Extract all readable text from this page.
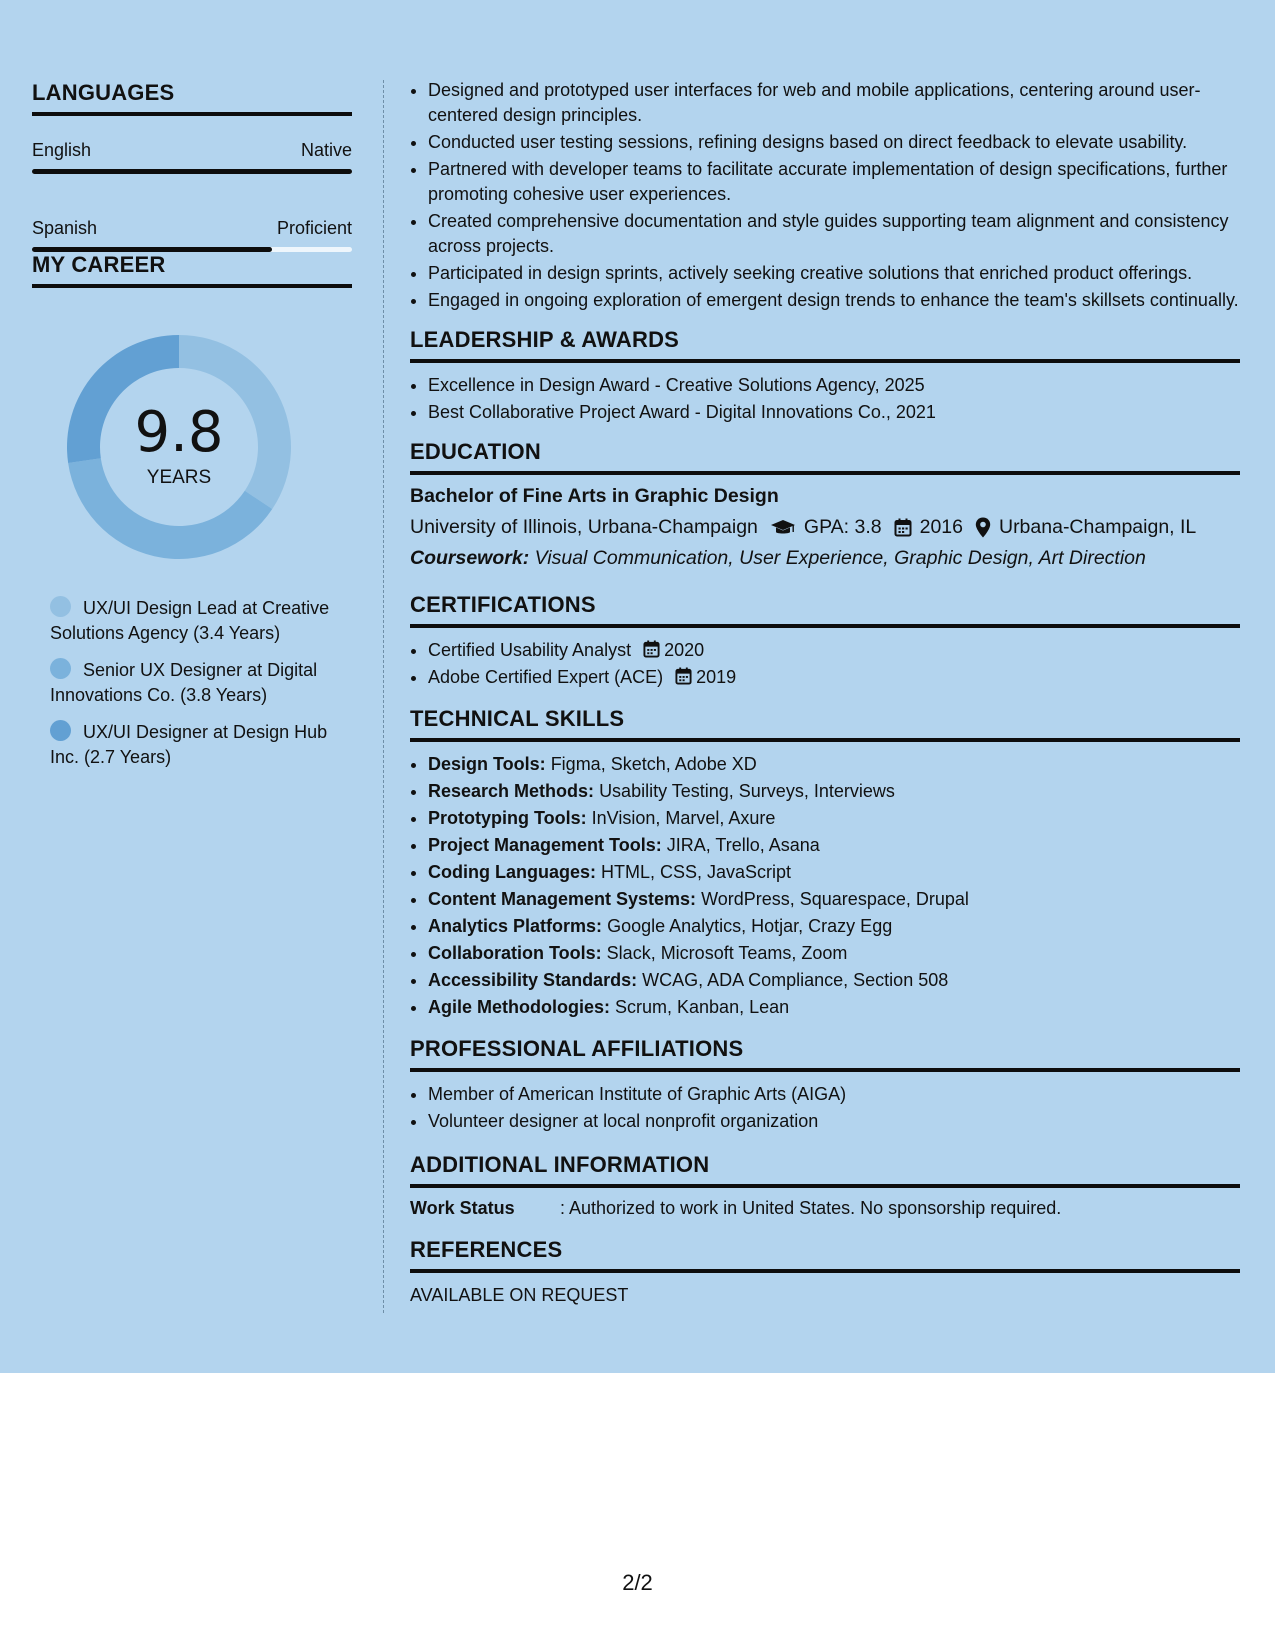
LANGUAGES
English	Native
Spanish	Proficient
MY CAREER
9.8
YEARS
UX/UI Design Lead at Creative Solutions Agency (3.4 Years)
Senior UX Designer at Digital Innovations Co. (3.8 Years)
UX/UI Designer at Design Hub Inc. (2.7 Years)
• Designed and prototyped user interfaces for web and mobile applications, centering around user-centered design principles.
• Conducted user testing sessions, refining designs based on direct feedback to elevate usability.
• Partnered with developer teams to facilitate accurate implementation of design specifications, further promoting cohesive user experiences.
• Created comprehensive documentation and style guides supporting team alignment and consistency across projects.
• Participated in design sprints, actively seeking creative solutions that enriched product offerings.
• Engaged in ongoing exploration of emergent design trends to enhance the team's skillsets continually.
LEADERSHIP & AWARDS
• Excellence in Design Award - Creative Solutions Agency, 2025
• Best Collaborative Project Award - Digital Innovations Co., 2021
EDUCATION
Bachelor of Fine Arts in Graphic Design
University of Illinois, Urbana-Champaign GPA: 3.8 2016 Urbana-Champaign, IL
Coursework: Visual Communication, User Experience, Graphic Design, Art Direction
CERTIFICATIONS
• Certified Usability Analyst 2020
• Adobe Certified Expert (ACE) 2019
TECHNICAL SKILLS
• Design Tools: Figma, Sketch, Adobe XD
• Research Methods: Usability Testing, Surveys, Interviews
• Prototyping Tools: InVision, Marvel, Axure
• Project Management Tools: JIRA, Trello, Asana
• Coding Languages: HTML, CSS, JavaScript
• Content Management Systems: WordPress, Squarespace, Drupal
• Analytics Platforms: Google Analytics, Hotjar, Crazy Egg
• Collaboration Tools: Slack, Microsoft Teams, Zoom
• Accessibility Standards: WCAG, ADA Compliance, Section 508
• Agile Methodologies: Scrum, Kanban, Lean
PROFESSIONAL AFFILIATIONS
• Member of American Institute of Graphic Arts (AIGA)
• Volunteer designer at local nonprofit organization
ADDITIONAL INFORMATION
Work Status	: Authorized to work in United States. No sponsorship required.
REFERENCES
AVAILABLE ON REQUEST
2/2
